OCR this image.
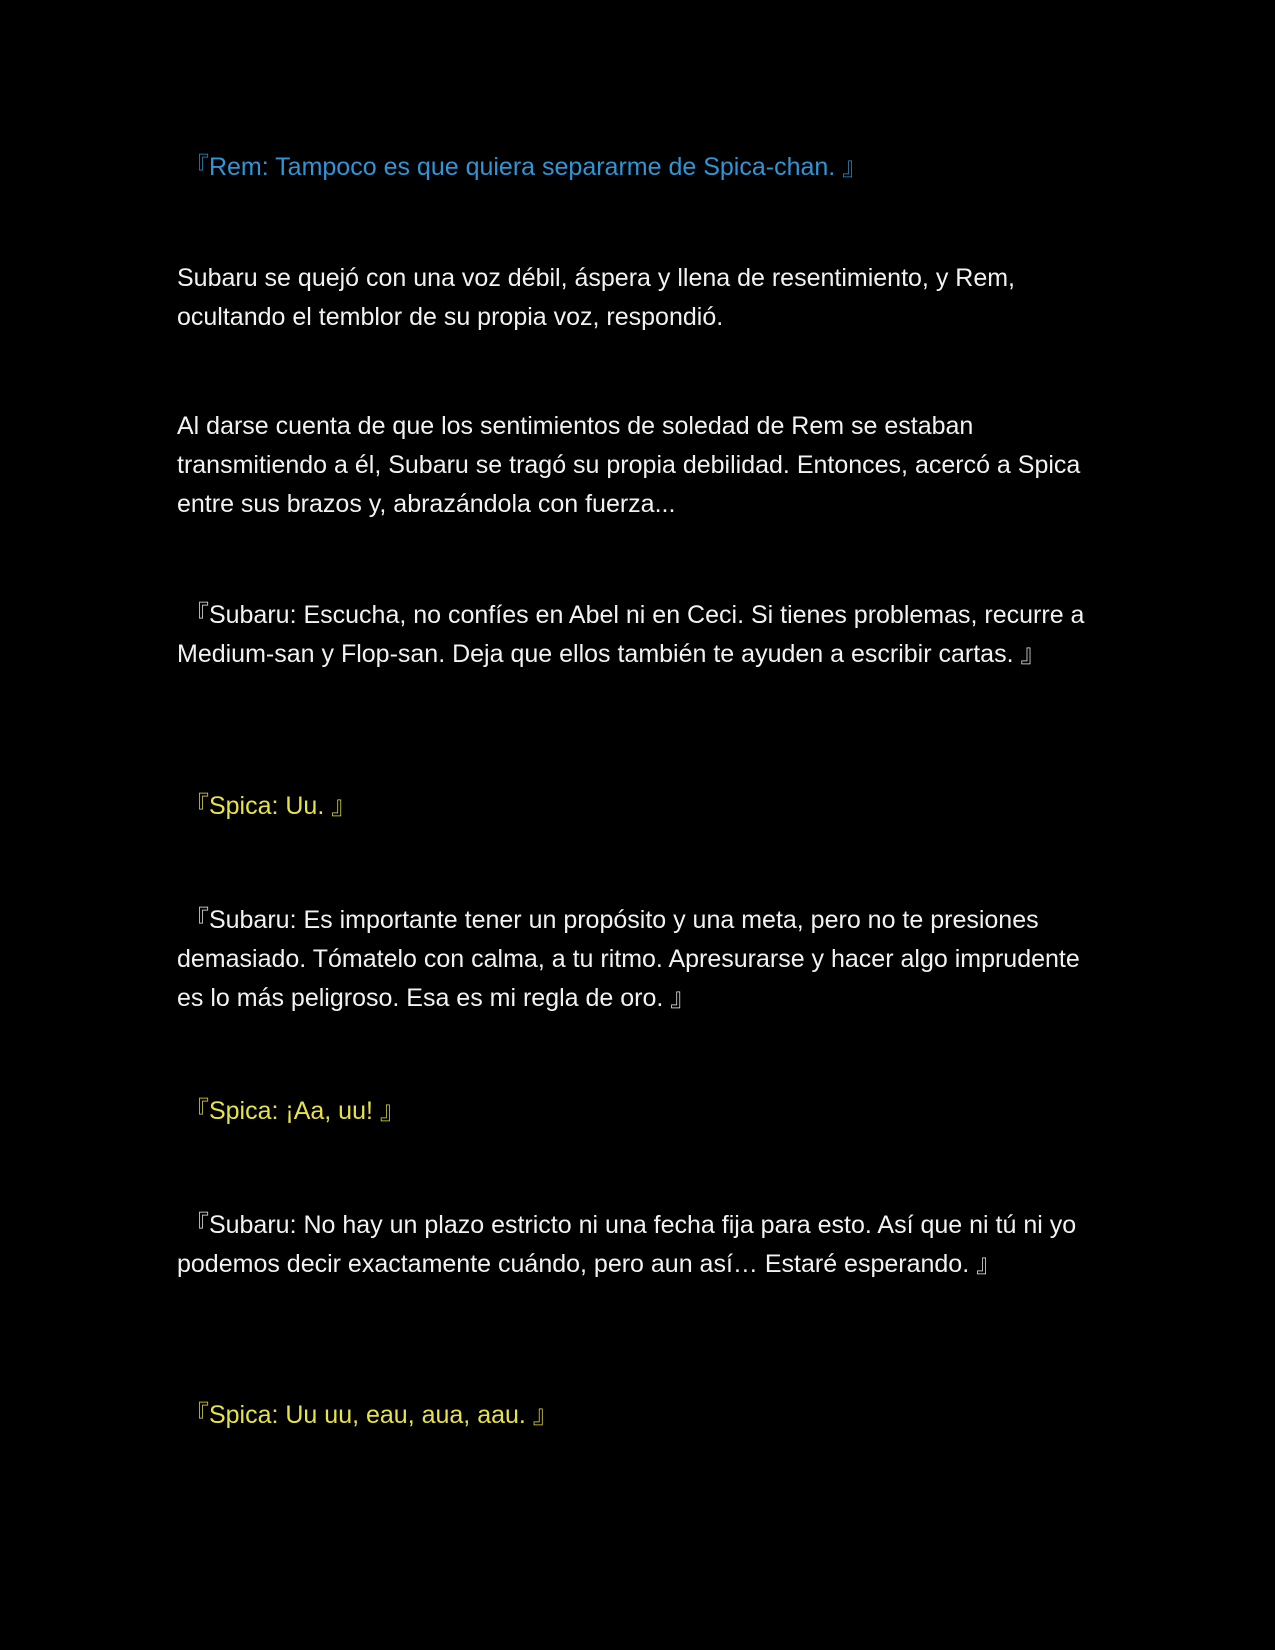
『Rem: Tampoco es que quiera separarme de Spica-chan. 』

Subaru se quejó con una voz débil, áspera y llena de resentimiento, y Rem, ocultando el temblor de su propia voz, respondió.

Al darse cuenta de que los sentimientos de soledad de Rem se estaban transmitiendo a él, Subaru se tragó su propia debilidad. Entonces, acercó a Spica entre sus brazos y, abrazándola con fuerza...

『Subaru: Escucha, no confíes en Abel ni en Ceci. Si tienes problemas, recurre a Medium-san y Flop-san. Deja que ellos también te ayuden a escribir cartas. 』

『Spica: Uu. 』

『Subaru: Es importante tener un propósito y una meta, pero no te presiones demasiado. Tómatelo con calma, a tu ritmo. Apresurarse y hacer algo imprudente es lo más peligroso. Esa es mi regla de oro. 』

『Spica: ¡Aa, uu! 』

『Subaru: No hay un plazo estricto ni una fecha fija para esto. Así que ni tú ni yo podemos decir exactamente cuándo, pero aun así… Estaré esperando. 』

『Spica: Uu uu, eau, aua, aau. 』
